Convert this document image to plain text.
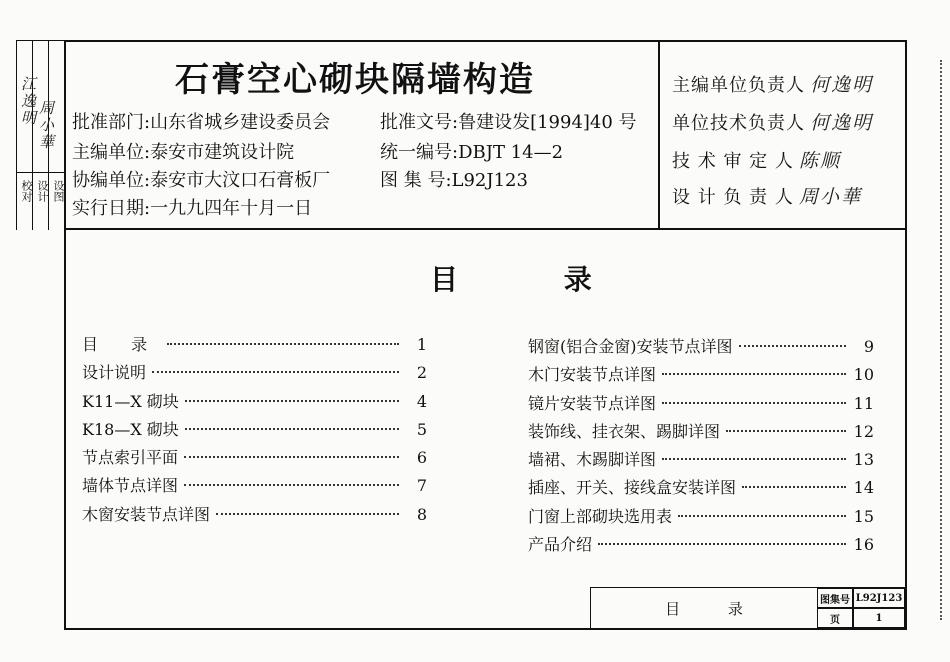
江逸明 周小華
校对
设计
设图
石膏空心砌块隔墙构造
批准部门:山东省城乡建设委员会
主编单位:泰安市建筑设计院
协编单位:泰安市大汶口石膏板厂
实行日期:一九九四年十月一日
批准文号:鲁建设发[1994]40 号
统一编号:DBJT 14—2
图 集 号:L92J123
主编单位负责人 何逸明
单位技术负责人 何逸明
技 术 审 定 人 陈顺
设 计 负 责 人 周小華
目 录
目 录	1
设计说明	2
K11—X 砌块	4
K18—X 砌块	5
节点索引平面	6
墙体节点详图	7
木窗安装节点详图	8
钢窗(铝合金窗)安装节点详图	9
木门安装节点详图	10
镜片安装节点详图	11
装饰线、挂衣架、踢脚详图	12
墙裙、木踢脚详图	13
插座、开关、接线盒安装详图	14
门窗上部砌块选用表	15
产品介绍	16
目          录	图集号 L92J123
页	1
